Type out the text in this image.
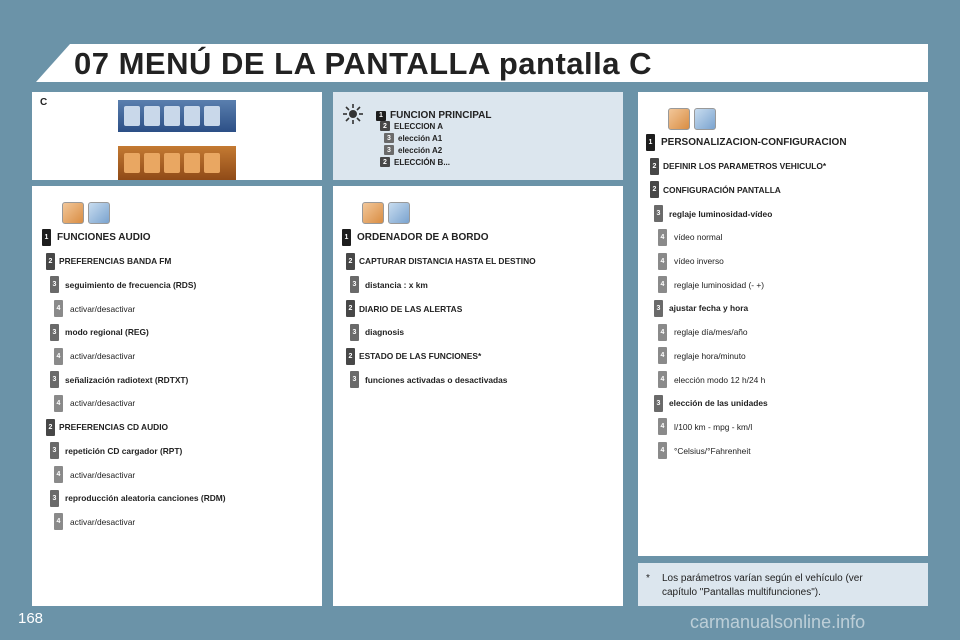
07 MENÚ DE LA PANTALLA pantalla C
C
1 FUNCION PRINCIPAL
2 ELECCION A
3 elección A1
3 elección A2
2 ELECCIÓN B...
1 FUNCIONES AUDIO
2 PREFERENCIAS BANDA FM
3	seguimiento de frecuencia (RDS)
4	activar/desactivar
3	modo regional (REG)
4	activar/desactivar
3	señalización radiotext (RDTXT)
4	activar/desactivar
2 PREFERENCIAS CD AUDIO
3	repetición CD cargador (RPT)
4	activar/desactivar
3	reproducción aleatoria canciones (RDM)
4	activar/desactivar
1 ORDENADOR DE A BORDO
2 CAPTURAR DISTANCIA HASTA EL DESTINO
3	distancia : x km
2 DIARIO DE LAS ALERTAS
3	diagnosis
2 ESTADO DE LAS FUNCIONES*
3	funciones activadas o desactivadas
1 PERSONALIZACION-CONFIGURACION
2 DEFINIR LOS PARAMETROS VEHICULO*
2 CONFIGURACIÓN PANTALLA
3	reglaje luminosidad-vídeo
4	vídeo normal
4	vídeo inverso
4	reglaje luminosidad (- +)
3	ajustar fecha y hora
4	reglaje día/mes/año
4	reglaje hora/minuto
4	elección modo 12 h/24 h
3	elección de las unidades
4	l/100 km - mpg - km/l
4	°Celsius/°Fahrenheit
* Los parámetros varían según el vehículo (ver
capítulo "Pantallas multifunciones").
168	carmanualsonline.info
